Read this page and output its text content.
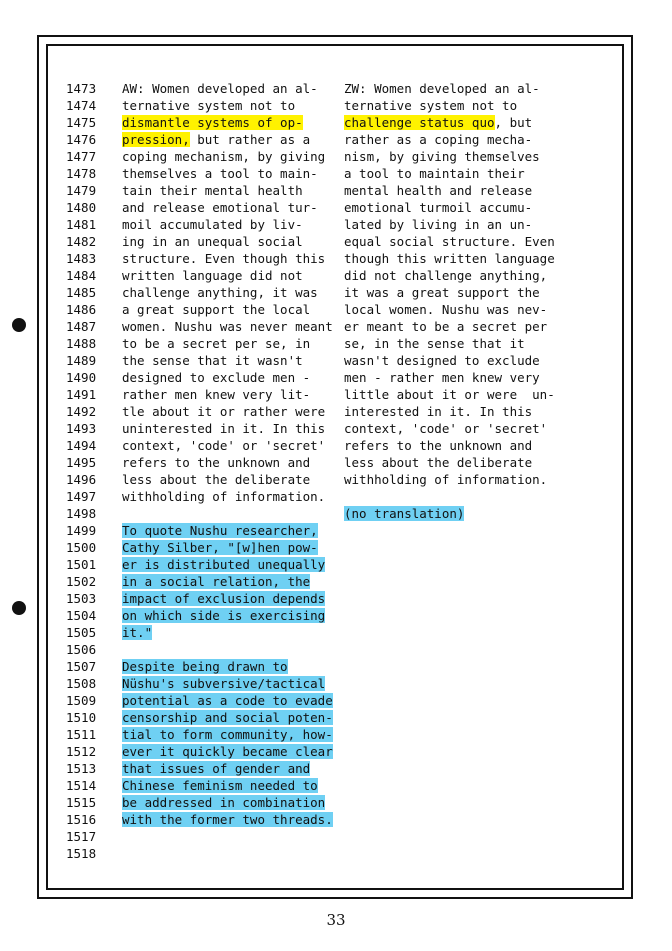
1473
1474
1475
1476
1477
1478
1479
1480
1481
1482
1483
1484
1485
1486
1487
1488
1489
1490
1491
1492
1493
1494
1495
1496
1497
1498
1499
1500
1501
1502
1503
1504
1505
1506
1507
1508
1509
1510
1511
1512
1513
1514
1515
1516
1517
1518
AW: Women developed an al-
ternative system not to
dismantle systems of op-
pression, but rather as a
coping mechanism, by giving
themselves a tool to main-
tain their mental health
and release emotional tur-
moil accumulated by liv-
ing in an unequal social
structure. Even though this
written language did not
challenge anything, it was
a great support the local
women. Nushu was never meant
to be a secret per se, in
the sense that it wasn't
designed to exclude men -
rather men knew very lit-
tle about it or rather were
uninterested in it. In this
context, 'code' or 'secret'
refers to the unknown and
less about the deliberate
withholding of information.
To quote Nushu researcher,
Cathy Silber, "[w]hen pow-
er is distributed unequally
in a social relation, the
impact of exclusion depends
on which side is exercising
it."
Despite being drawn to
Nüshu's subversive/tactical
potential as a code to evade
censorship and social poten-
tial to form community, how-
ever it quickly became clear
that issues of gender and
Chinese feminism needed to
be addressed in combination
with the former two threads.
ZW: Women developed an al-
ternative system not to
challenge status quo, but
rather as a coping mecha-
nism, by giving themselves
a tool to maintain their
mental health and release
emotional turmoil accumu-
lated by living in an un-
equal social structure. Even
though this written language
did not challenge anything,
it was a great support the
local women. Nushu was nev-
er meant to be a secret per
se, in the sense that it
wasn't designed to exclude
men - rather men knew very
little about it or were  un-
interested in it. In this
context, 'code' or 'secret'
refers to the unknown and
less about the deliberate
withholding of information.
(no translation)
33
